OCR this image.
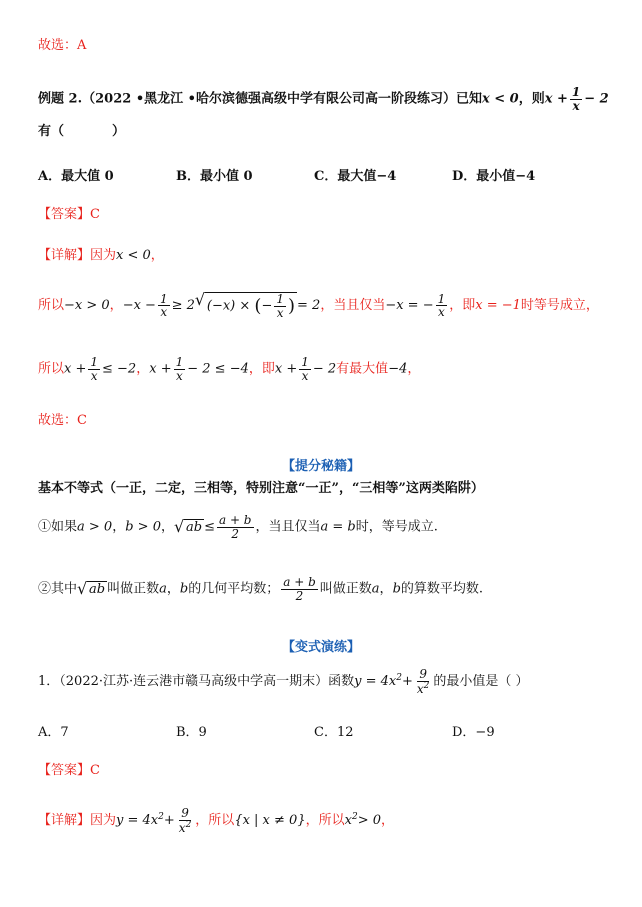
故选：A
例题 2.（2022 •黑龙江 •哈尔滨德强高级中学有限公司高一阶段练习）已知x < 0，则$x + \frac{1}{x} - 2$
有（	）
A．最大值 0	B．最小值 0	C．最大值−4	D．最小值−4
【答案】C
【详解】因为x < 0，
所以−x > 0，$-x - \frac{1}{x} \ge 2$ √ (−x) × (− $\frac{1}{x}$ ) = 2，当且仅当−x = − $\frac{1}{x}$ ，即x = −1时等号成立，
所以$x + \frac{1}{x} \le -2$，$x + \frac{1}{x} - 2 \le -4$，即$x + \frac{1}{x} - 2$有最大值−4，
故选：C
【提分秘籍】
基本不等式（一正，二定，三相等，特别注意“一正”，“三相等”这两类陷阱）
①如果a > 0，b > 0， √ ab ≤ $\frac{a + b}{2}$ ，当且仅当a = b时，等号成立.
②其中 √ ab 叫做正数a，b的几何平均数； $\frac{a + b}{2}$ 叫做正数a，b的算数平均数.
【变式演练】
1．（2022·江苏·连云港市赣马高级中学高一期末）函数$y = 4x^2+ \frac{9}{x^2}$ 的最小值是（ ）
A．7	B．9	C．12	D．−9
【答案】C
【详解】因为$y = 4x^2+ \frac{9}{x^2}$ ，所以{x | x ≠ 0}，所以$x^2> 0$，
